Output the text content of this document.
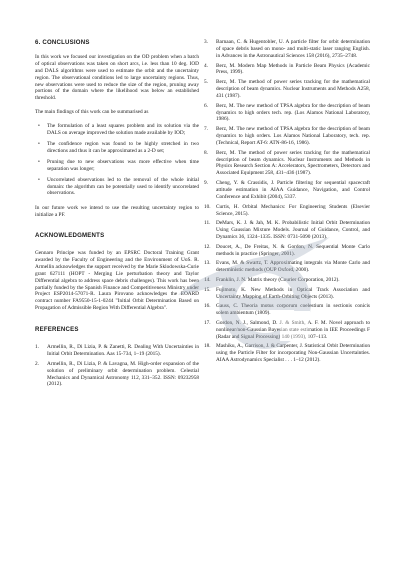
6. CONCLUSIONS

In this work we focused our investigation on the OD problem when a batch of optical observations was taken on short arcs, i.e. less than 10 deg. IOD and DALS algorithms were used to estimate the orbit and the uncertainty region. The observational conditions led to large uncertainty regions. Thus, new observations were used to reduce the size of the region, pruning away portions of the domain where the likelihood was below an established threshold.

The main findings of this work can be summarised as

• The formulation of a least squares problem and its solution via the DALS on average improved the solution made available by IOD;
• The confidence region was found to be highly stretched in two directions and thus it can be approximated as a 2-D set;
• Pruning due to new observations was more effective when time separation was longer;
• Uncorrelated observations led to the removal of the whole initial domain: the algorithm can be potentially used to identify uncorrelated observations.

In our future work we intend to use the resulting uncertainty region to initialize a PF.

ACKNOWLEDGMENTS

Gennaro Principe was funded by an EPSRC Doctoral Training Grant awarded by the Faculty of Engineering and the Environment of UoS. R. Armellin acknowledges the support received by the Marie Sklodowska-Curie grant 627111 (HOPT - Merging Lie perturbation theory and Taylor Differential algebra to address space debris challenges). This work has been partially funded by the Spanish Finance and Competitiveness Ministry under Project ESP2014-57071-R. Laura Pirovano acknowledges the EOARD contract number FA9550-15-1-0244 "Initial Orbit Determination Based on Propagation of Admissible Region With Differential Algebra".

REFERENCES
1. Armellin, R., Di Lizia, P. & Zanetti, R. Dealing With Uncertainties in Initial Orbit Determination. Aas 15-734, 1–19 (2015).
2. Armellin, R., Di Lizia, P. & Lavagna, M. High-order expansion of the solution of preliminary orbit determination problem. Celestial Mechanics and Dynamical Astronomy 112, 331–352. ISSN: 09232958 (2012).
3. Barnaan, C. & Hugentobler, U. A particle filter for orbit determination of space debris based on mono- and multi-static laser ranging English. in Advances in the Astronautical Sciences 158 (2016), 2735–2748.
4. Berz, M. Modern Map Methods in Particle Beam Physics (Academic Press, 1999).
5. Berz, M. The method of power series tracking for the mathematical description of beam dynamics. Nuclear Instruments and Methods A258, 431 (1987).
6. Berz, M. The new method of TPSA algebra for the description of beam dynamics to high orders tech. rep. (Los Alamos National Laboratory, 1986).
7. Berz, M. The new method of TPSA algebra for the description of beam dynamics to high orders. Los Alamos National Laboratory, tech. rep. (Technical, Report AT-6: ATN-86-16, 1986).
8. Berz, M. The method of power series tracking for the mathematical description of beam dynamics. Nuclear Instruments and Methods in Physics Research Section A: Accelerators, Spectrometers, Detectors and Associated Equipment 258, 431–436 (1987).
9. Cheng, Y. & Crassidis, J. Particle filtering for sequential spacecraft attitude estimation in AIAA Guidance, Navigation, and Control Conference and Exhibit (2004), 5337.
10. Curtis, H. Orbital Mechanics: For Engineering Students (Elsevier Science, 2015).
11. DeMars, K. J. & Jah, M. K. Probabilistic Initial Orbit Determination Using Gaussian Mixture Models. Journal of Guidance, Control, and Dynamics 36, 1324–1335. ISSN: 0731-5090 (2013).
12. Doucet, A., De Freitas, N. & Gordon, N. Sequential Monte Carlo methods in practice (Springer, 2001).
13. Evans, M. & Swartz, T. Approximating integrals via Monte Carlo and deterministic methods (OUP Oxford, 2000).
14. Franklin, J. N. Matrix theory (Courier Corporation, 2012).
15. Fujimoto, K. New Methods in Optical Track Association and Uncertainty Mapping of Earth-Orbiting Objects (2013).
16. Gauss, C. Theoria motus corporum coelestium in sectionis conicis solem ambientum (1809).
17. Gordon, N. J., Salmond, D. J. & Smith, A. F. M. Novel approach to nonlinear/non-Gaussian Bayesian state estimation in IEE Proceedings F (Radar and Signal Processing) 140 (1993), 107–113.
18. Mashiku, A., Garrison, J. & Carpenter, J. Statistical Orbit Determination using the Particle Filter for incorporating Non-Gaussian Uncertainties. AIAA Astrodynamics Specialist . . . 1–12 (2012).
